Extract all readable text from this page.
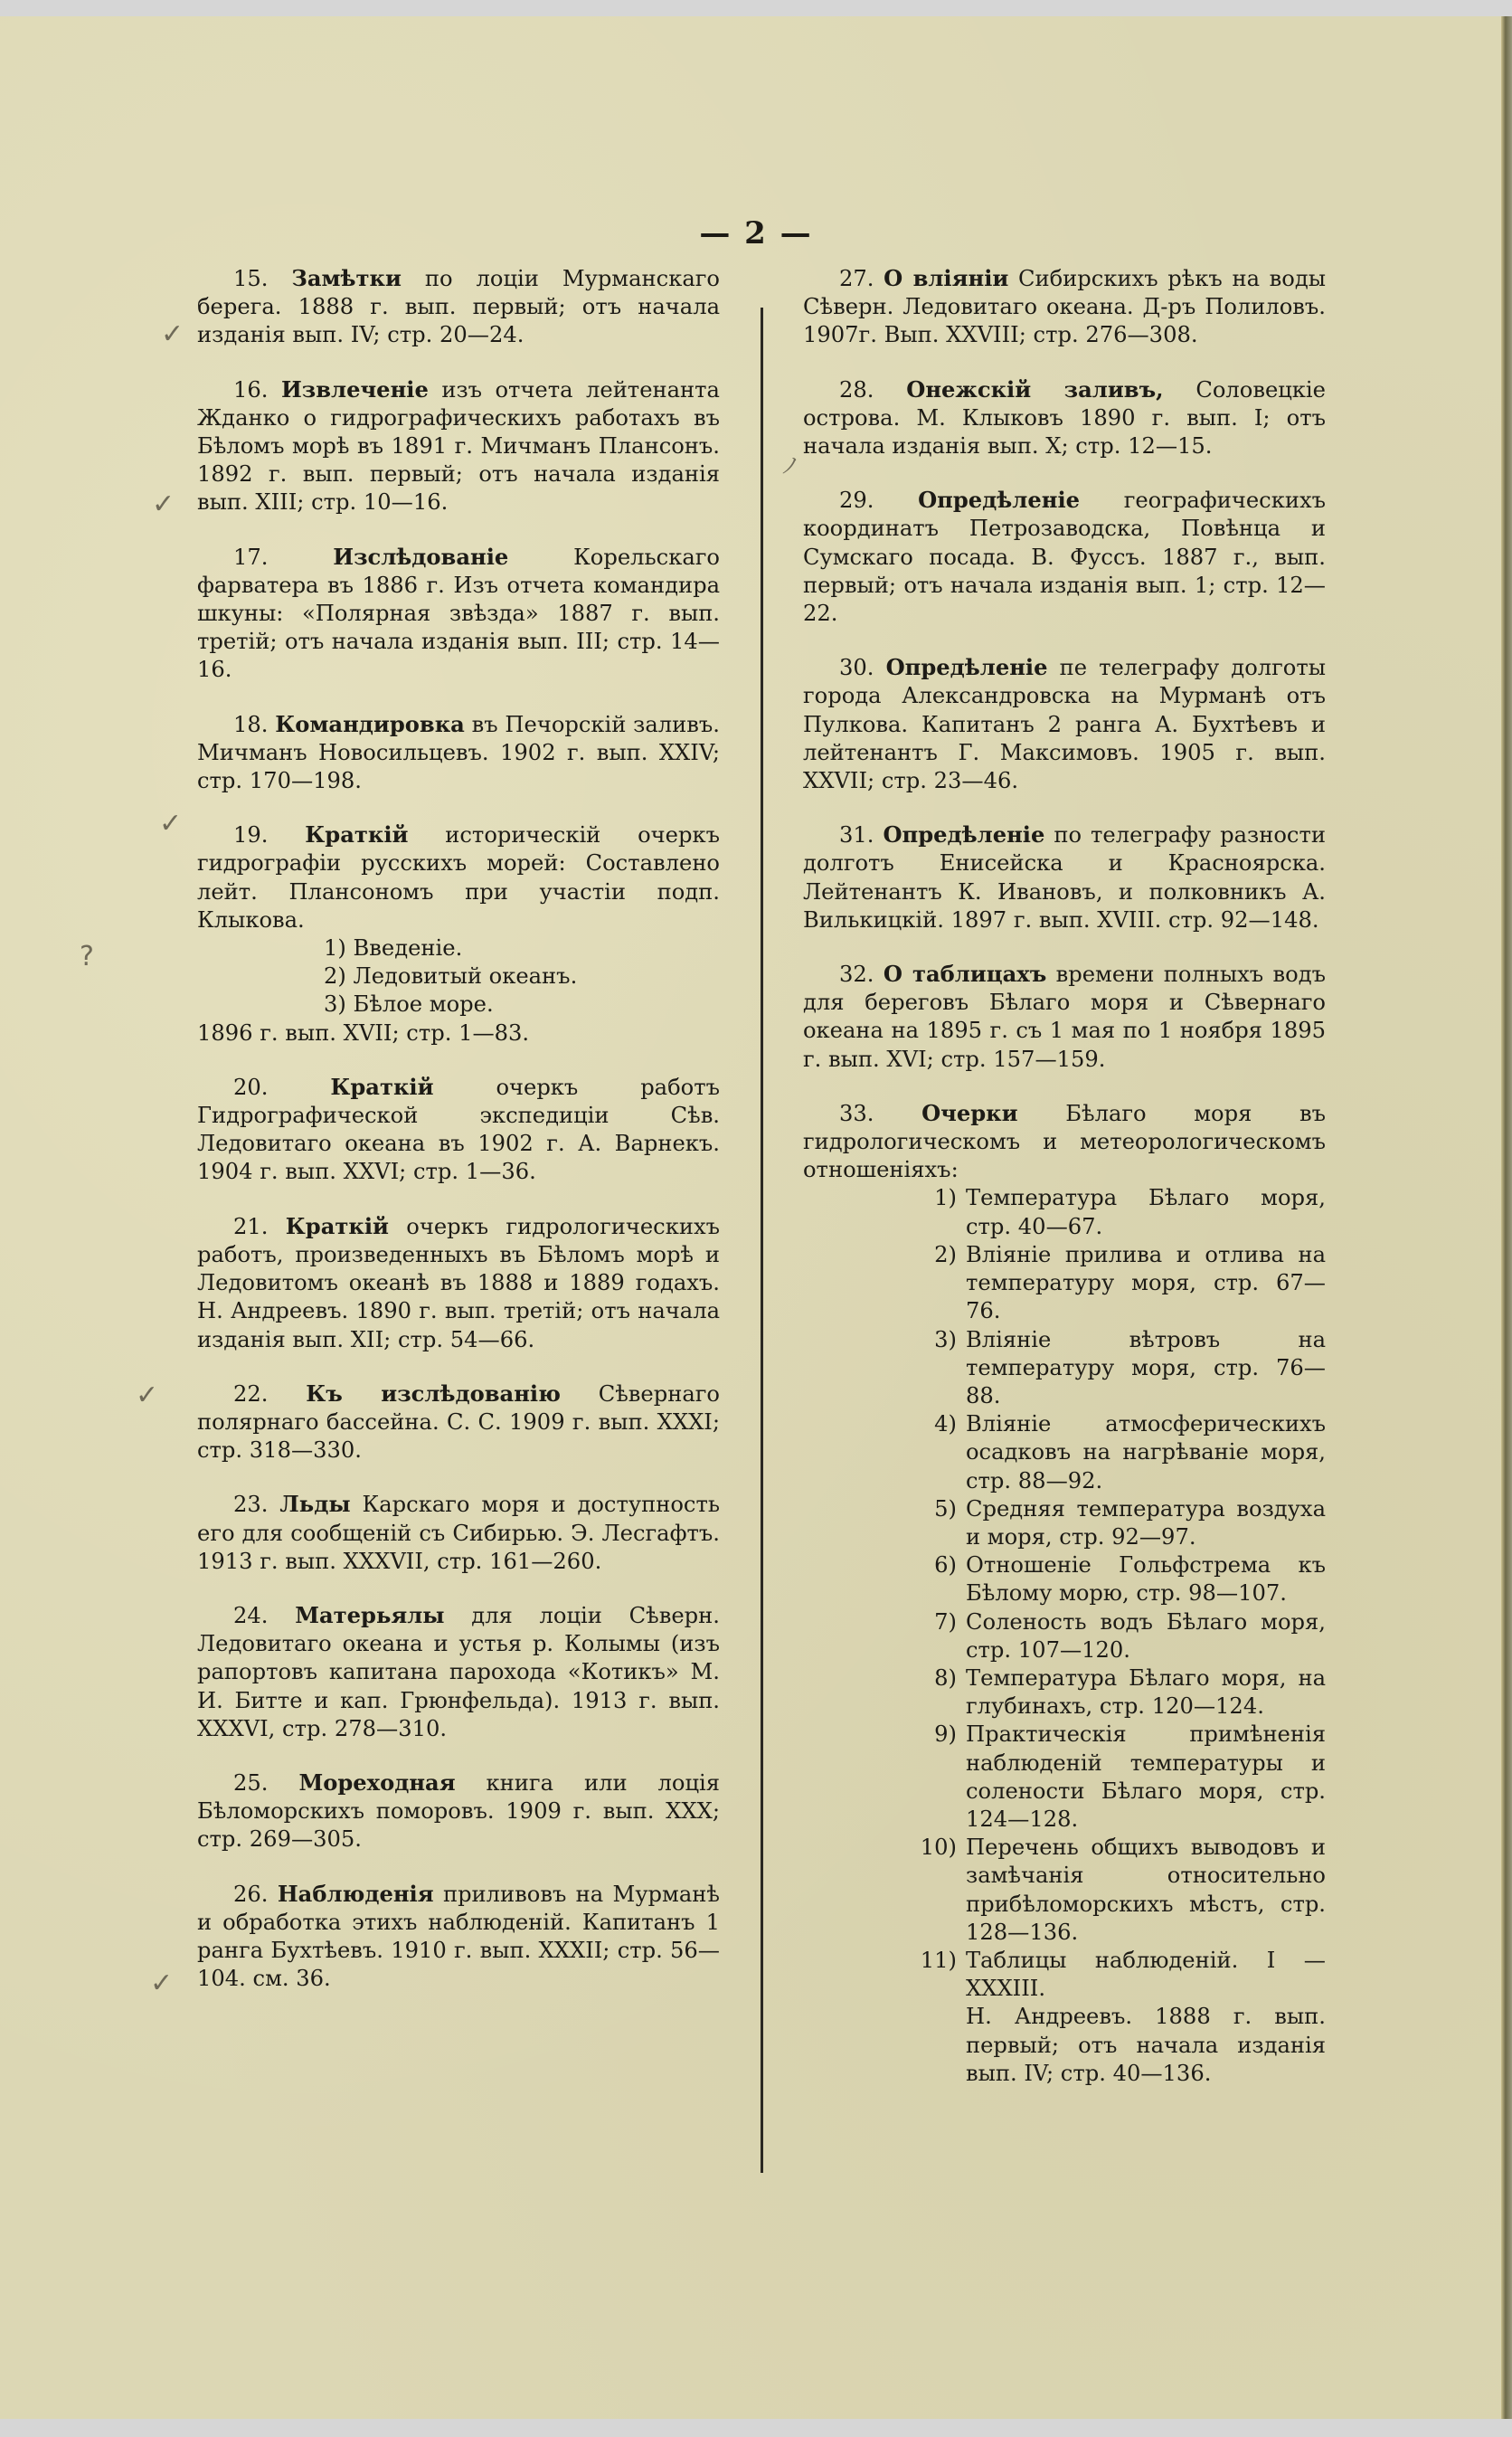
— 2 —
15. Замѣтки по лоціи Мурманскаго берега. 1888 г. вып. первый; отъ начала изданія вып. IV; стр. 20—24.
16. Извлеченіе изъ отчета лейтенанта Жданко о гидрографическихъ работахъ въ Бѣломъ морѣ въ 1891 г. Мичманъ Плансонъ. 1892 г. вып. первый; отъ начала изданія вып. XIII; стр. 10—16.
17.	Изслѣдованіе	Корельскаго фарватера въ 1886 г. Изъ отчета командира шкуны: «Полярная звѣзда» 1887 г. вып. третій; отъ начала изданія вып. III; стр. 14—16.
18. Командировка въ Печорскій заливъ. Мичманъ Новосильцевъ. 1902 г. вып. XXIV; стр. 170—198.
19. Краткій историческій очеркъ гидрографіи русскихъ морей: Составлено лейт. Плансономъ при участіи подп. Клыкова.
1) Введеніе.
2) Ледовитый океанъ.
3) Бѣлое море.
1896 г. вып. XVII; стр. 1—83.
20.	Краткій	очеркъ работъ Гидрографической экспедиціи Сѣв. Ледовитаго океана въ 1902 г. А. Варнекъ. 1904 г. вып. XXVI; стр. 1—36.
21. Краткій очеркъ гидрологическихъ работъ, произведенныхъ въ Бѣломъ морѣ и Ледовитомъ океанѣ въ 1888 и 1889 годахъ. Н. Андреевъ. 1890 г. вып. третій; отъ начала изданія вып. XII; стр. 54—66.
22. Къ изслѣдованію Сѣвернаго полярнаго бассейна. С. С. 1909 г. вып. XXXI; стр. 318—330.
23. Льды Карскаго моря и доступность его для сообщеній съ Сибирью. Э. Лесгафтъ. 1913 г. вып. XXXVII, стр. 161—260.
24. Матерьялы для лоціи Сѣверн. Ледовитаго океана и устья р. Колымы (изъ рапортовъ капитана парохода «Котикъ» М. И. Битте и кап. Грюнфельда). 1913 г. вып. XXXVI, стр. 278—310.
25. Мореходная книга или лоція Бѣломорскихъ поморовъ. 1909 г. вып. XXX; стр. 269—305.
26. Наблюденія приливовъ на Мурманѣ и обработка этихъ наблюденій. Капитанъ 1 ранга Бухтѣевъ. 1910 г. вып. XXXII; стр. 56—104. см. 36.
27. О вліяніи Сибирскихъ рѣкъ на воды Сѣверн. Ледовитаго океана. Д-ръ Полиловъ. 1907г. Вып. XXVIII; стр. 276—308.
28. Онежскій заливъ, Соловецкіе острова. М. Клыковъ 1890 г. вып. I; отъ начала изданія вып. X; стр. 12—15.
29. Опредѣленіе географическихъ координатъ Петрозаводска, Повѣнца и Сумскаго посада. В. Фуссъ. 1887 г., вып. первый; отъ начала изданія вып. 1; стр. 12—22.
30. Опредѣленіе пе телеграфу долготы города Александровска на Мурманѣ отъ Пулкова. Капитанъ 2 ранга А. Бухтѣевъ и лейтенантъ Г. Максимовъ. 1905 г. вып. XXVII; стр. 23—46.
31. Опредѣленіе по телеграфу разности долготъ Енисейска и Красноярска. Лейтенантъ К. Ивановъ, и полковникъ А. Вилькицкій. 1897 г. вып. XVIII. стр. 92—148.
32. О таблицахъ времени полныхъ водъ для береговъ Бѣлаго моря и Сѣвернаго океана на 1895 г. съ 1 мая по 1 ноября 1895 г. вып. XVI; стр. 157—159.
33. Очерки Бѣлаго моря въ гидрологическомъ и метеорологическомъ отношеніяхъ:
1) Температура Бѣлаго моря, стр. 40—67.
2) Вліяніе прилива и отлива на температуру моря, стр. 67—76.
3) Вліяніе вѣтровъ на температуру моря, стр. 76—88.
4) Вліяніе атмосферическихъ осадковъ на нагрѣваніе моря, стр. 88—92.
5) Средняя температура воздуха и моря, стр. 92—97.
6) Отношеніе Гольфстрема къ Бѣлому морю, стр. 98—107.
7) Соленость водъ Бѣлаго моря, стр. 107—120.
8) Температура Бѣлаго моря, на глубинахъ, стр. 120—124.
9) Практическія примѣненія наблюденій температуры и солености Бѣлаго моря, стр. 124—128.
10) Перечень общихъ выводовъ и замѣчанія относительно прибѣломорскихъ мѣстъ, стр. 128—136.
11) Таблицы наблюденій. I — XXXIII.
Н. Андреевъ. 1888 г. вып. первый; отъ начала изданія вып. IV; стр. 40—136.
✓
✓
✓
?
✓
✓
ノ
